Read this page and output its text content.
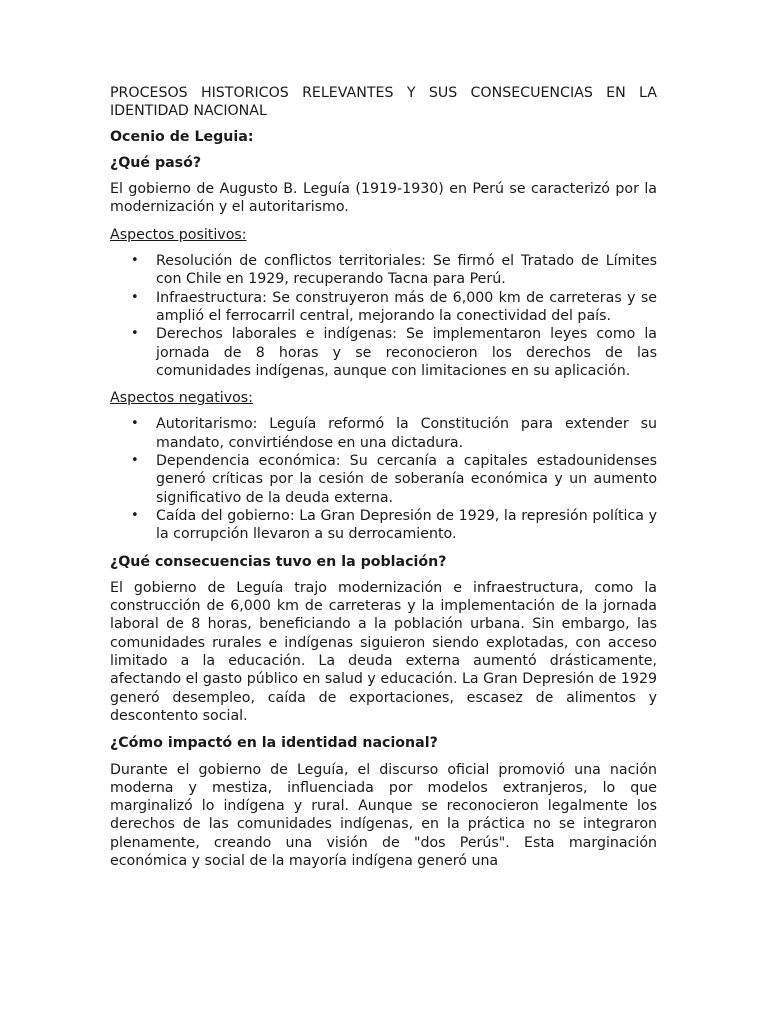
PROCESOS HISTORICOS RELEVANTES Y SUS CONSECUENCIAS EN LA IDENTIDAD NACIONAL

Ocenio de Leguia:

¿Qué pasó?

El gobierno de Augusto B. Leguía (1919-1930) en Perú se caracterizó por la modernización y el autoritarismo.

Aspectos positivos:

• Resolución de conflictos territoriales: Se firmó el Tratado de Límites con Chile en 1929, recuperando Tacna para Perú.
• Infraestructura: Se construyeron más de 6,000 km de carreteras y se amplió el ferrocarril central, mejorando la conectividad del país.
• Derechos laborales e indígenas: Se implementaron leyes como la jornada de 8 horas y se reconocieron los derechos de las comunidades indígenas, aunque con limitaciones en su aplicación.

Aspectos negativos:

• Autoritarismo: Leguía reformó la Constitución para extender su mandato, convirtiéndose en una dictadura.
• Dependencia económica: Su cercanía a capitales estadounidenses generó críticas por la cesión de soberanía económica y un aumento significativo de la deuda externa.
• Caída del gobierno: La Gran Depresión de 1929, la represión política y la corrupción llevaron a su derrocamiento.

¿Qué consecuencias tuvo en la población?

El gobierno de Leguía trajo modernización e infraestructura, como la construcción de 6,000 km de carreteras y la implementación de la jornada laboral de 8 horas, beneficiando a la población urbana. Sin embargo, las comunidades rurales e indígenas siguieron siendo explotadas, con acceso limitado a la educación. La deuda externa aumentó drásticamente, afectando el gasto público en salud y educación. La Gran Depresión de 1929 generó desempleo, caída de exportaciones, escasez de alimentos y descontento social.

¿Cómo impactó en la identidad nacional?

Durante el gobierno de Leguía, el discurso oficial promovió una nación moderna y mestiza, influenciada por modelos extranjeros, lo que marginalizó lo indígena y rural. Aunque se reconocieron legalmente los derechos de las comunidades indígenas, en la práctica no se integraron plenamente, creando una visión de "dos Perús". Esta marginación económica y social de la mayoría indígena generó una
